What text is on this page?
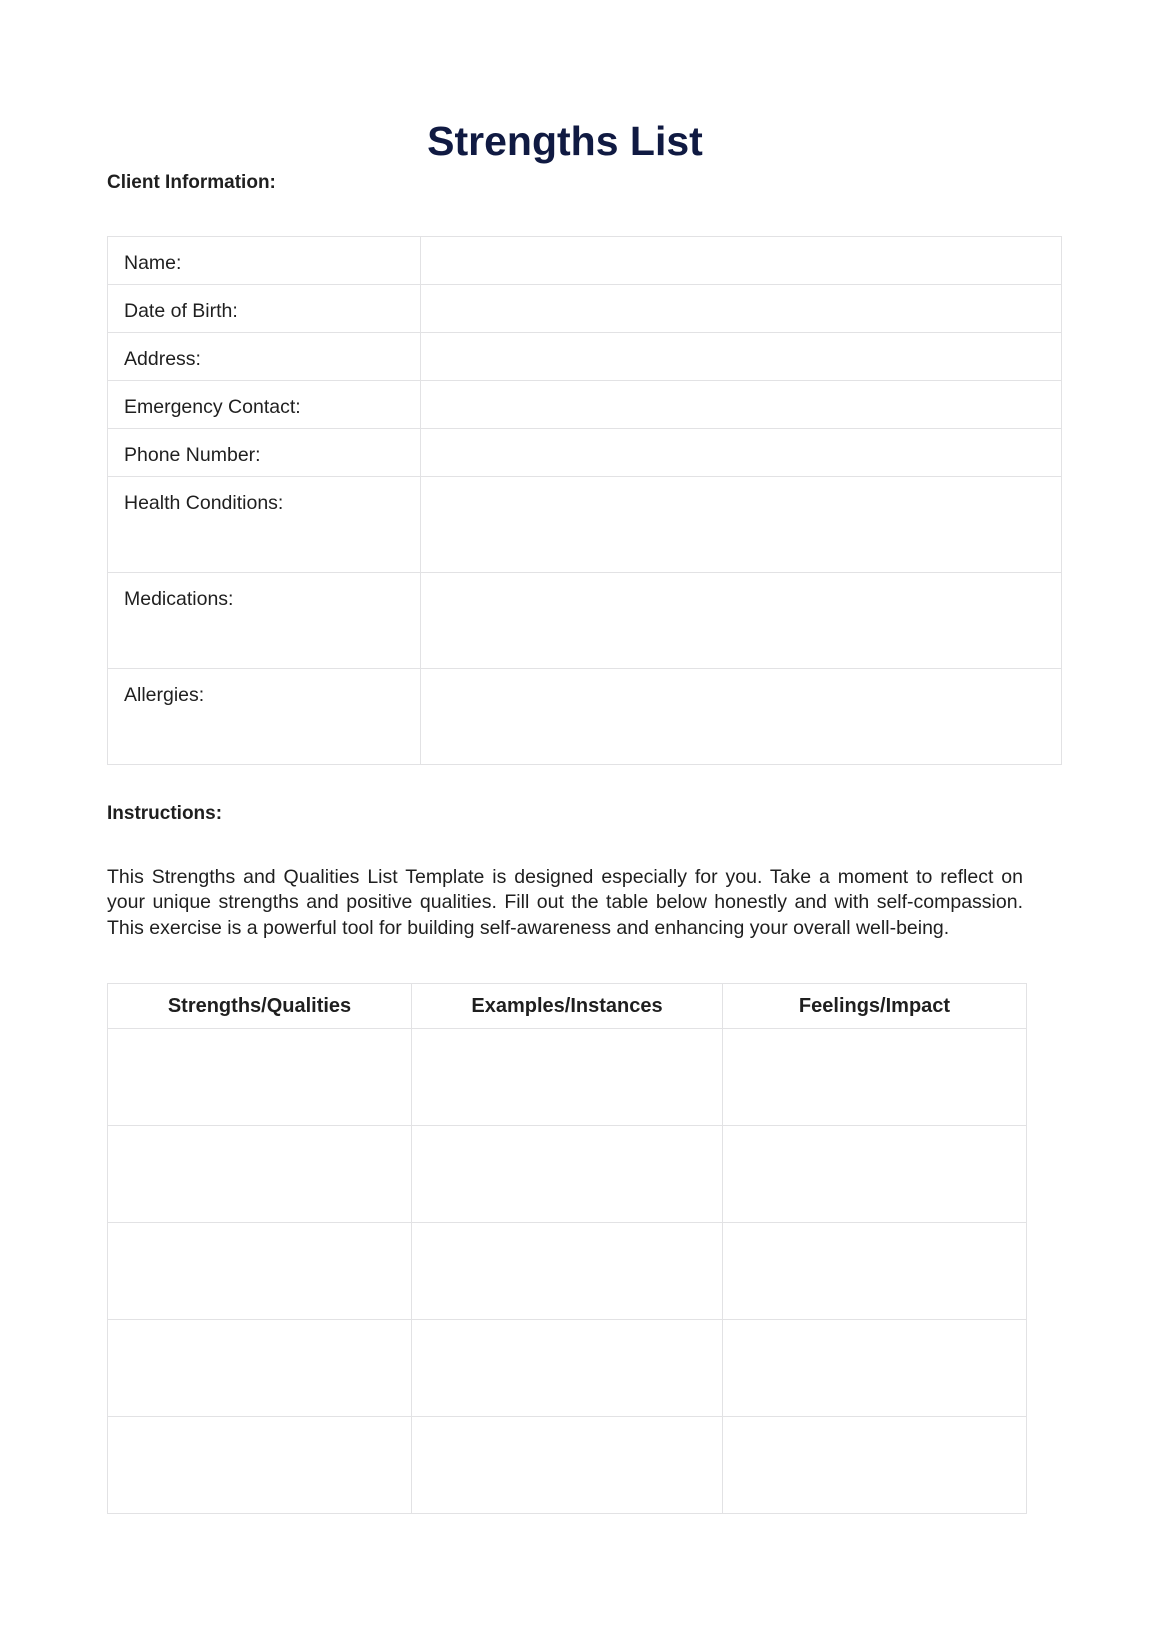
Strengths List
Client Information:
Name:	
Date of Birth:	
Address:	
Emergency Contact:	
Phone Number:	
Health Conditions:	
Medications:	
Allergies:	
Instructions:

This Strengths and Qualities List Template is designed especially for you. Take a moment to reflect on your unique strengths and positive qualities. Fill out the table below honestly and with self-compassion. This exercise is a powerful tool for building self-awareness and enhancing your overall well-being.

Strengths/Qualities	Examples/Instances	Feelings/Impact
